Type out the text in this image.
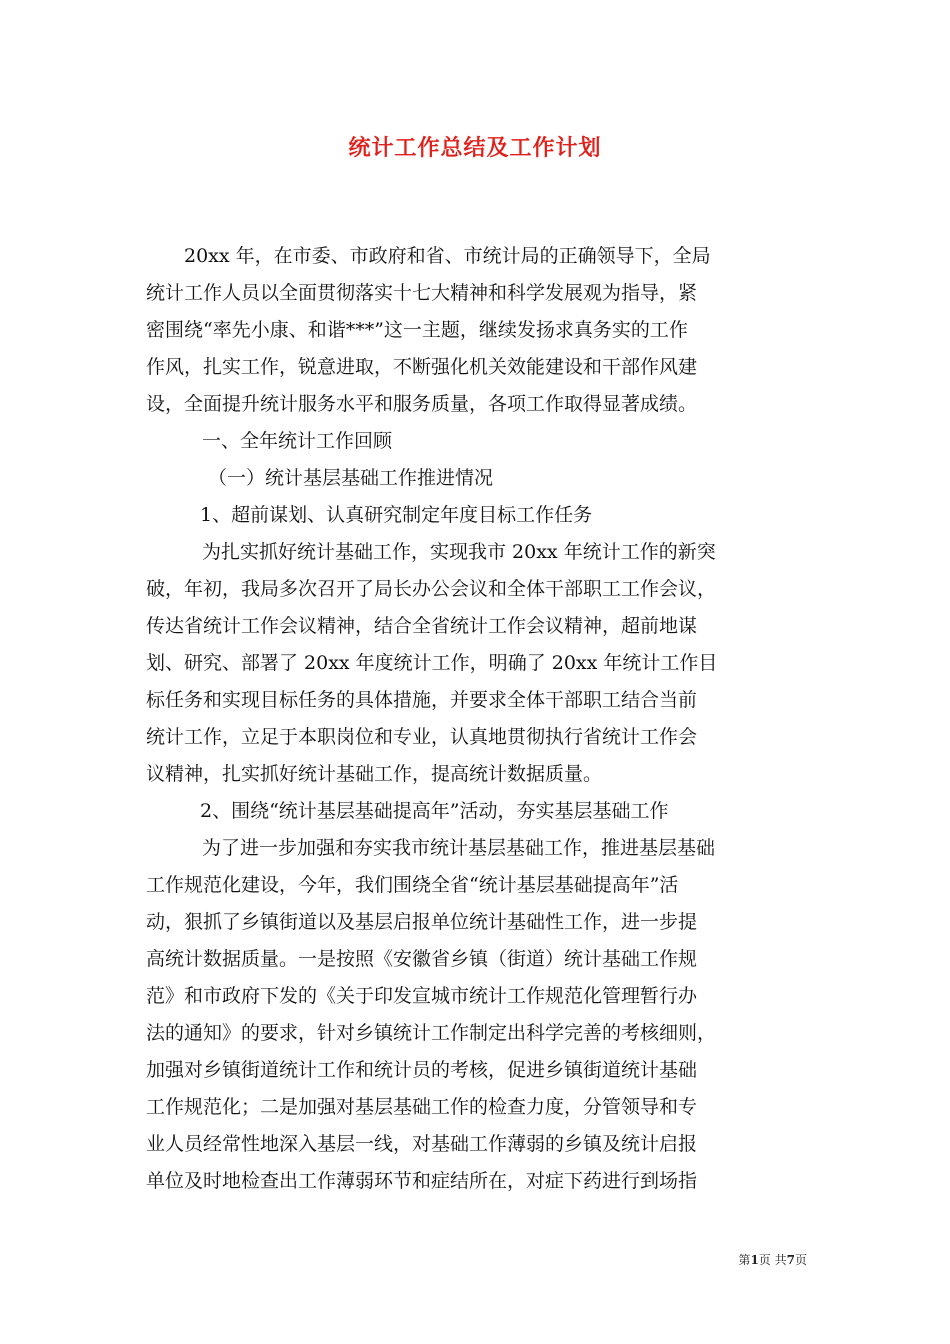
统计工作总结及工作计划
20xx 年，在市委、市政府和省、市统计局的正确领导下，全局
统计工作人员以全面贯彻落实十七大精神和科学发展观为指导，紧
密围绕“率先小康、和谐***”这一主题，继续发扬求真务实的工作
作风，扎实工作，锐意进取，不断强化机关效能建设和干部作风建
设，全面提升统计服务水平和服务质量，各项工作取得显著成绩。
一、全年统计工作回顾
（一）统计基层基础工作推进情况
1、超前谋划、认真研究制定年度目标工作任务
为扎实抓好统计基础工作，实现我市 20xx 年统计工作的新突
破，年初，我局多次召开了局长办公会议和全体干部职工工作会议，
传达省统计工作会议精神，结合全省统计工作会议精神，超前地谋
划、研究、部署了 20xx 年度统计工作，明确了 20xx 年统计工作目
标任务和实现目标任务的具体措施，并要求全体干部职工结合当前
统计工作，立足于本职岗位和专业，认真地贯彻执行省统计工作会
议精神，扎实抓好统计基础工作，提高统计数据质量。
2、围绕“统计基层基础提高年”活动，夯实基层基础工作
为了进一步加强和夯实我市统计基层基础工作，推进基层基础
工作规范化建设，今年，我们围绕全省“统计基层基础提高年”活
动，狠抓了乡镇街道以及基层启报单位统计基础性工作，进一步提
高统计数据质量。一是按照《安徽省乡镇（街道）统计基础工作规
范》和市政府下发的《关于印发宣城市统计工作规范化管理暂行办
法的通知》的要求，针对乡镇统计工作制定出科学完善的考核细则，
加强对乡镇街道统计工作和统计员的考核，促进乡镇街道统计基础
工作规范化；二是加强对基层基础工作的检查力度，分管领导和专
业人员经常性地深入基层一线，对基础工作薄弱的乡镇及统计启报
单位及时地检查出工作薄弱环节和症结所在，对症下药进行到场指
第1页 共7页
